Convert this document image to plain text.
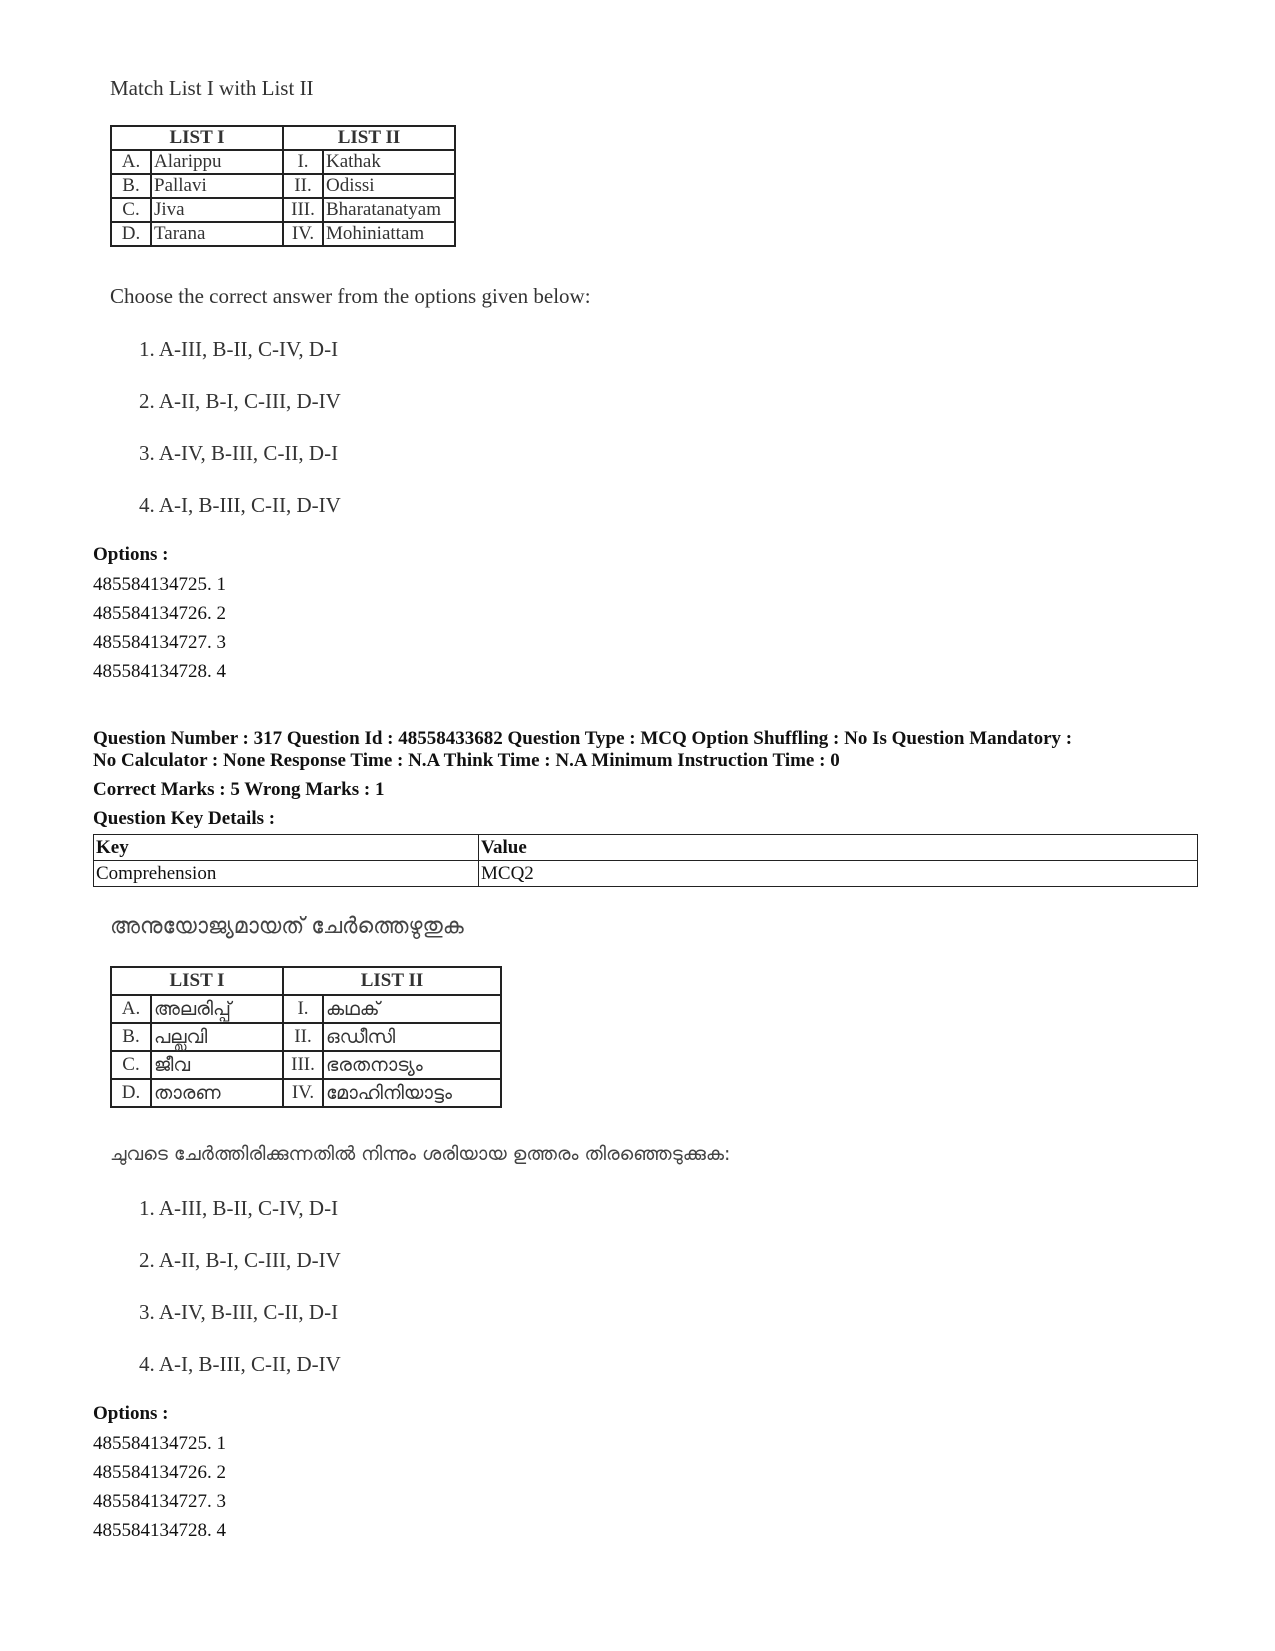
Match List I with List II
LIST I		LIST II	
A.	Alarippu	I.	Kathak
B.	Pallavi	II.	Odissi
C.	Jiva	III.	Bharatanatyam
D.	Tarana	IV.	Mohiniattam
Choose the correct answer from the options given below:
1. A-III, B-II, C-IV, D-I
2. A-II, B-I, C-III, D-IV
3. A-IV, B-III, C-II, D-I
4. A-I, B-III, C-II, D-IV
Options :
485584134725. 1
485584134726. 2
485584134727. 3
485584134728. 4
Question Number : 317 Question Id : 48558433682 Question Type : MCQ Option Shuffling : No Is Question Mandatory :
No Calculator : None Response Time : N.A Think Time : N.A Minimum Instruction Time : 0
Correct Marks : 5 Wrong Marks : 1
Question Key Details :
Key	Value
Comprehension	MCQ2
അനുയോജ്യമായത് ചേർത്തെഴുതുക
LIST I		LIST II	
A.	അലരിപ്പ്	I.	കഥക്
B.	പല്ലവി	II.	ഒഡീസി
C.	ജീവ	III.	ഭരതനാട്യം
D.	താരണ	IV.	മോഹിനിയാട്ടം
ചുവടെ ചേർത്തിരിക്കുന്നതിൽ നിന്നും ശരിയായ ഉത്തരം തിരഞ്ഞെടുക്കുക:
1. A-III, B-II, C-IV, D-I
2. A-II, B-I, C-III, D-IV
3. A-IV, B-III, C-II, D-I
4. A-I, B-III, C-II, D-IV
Options :
485584134725. 1
485584134726. 2
485584134727. 3
485584134728. 4
